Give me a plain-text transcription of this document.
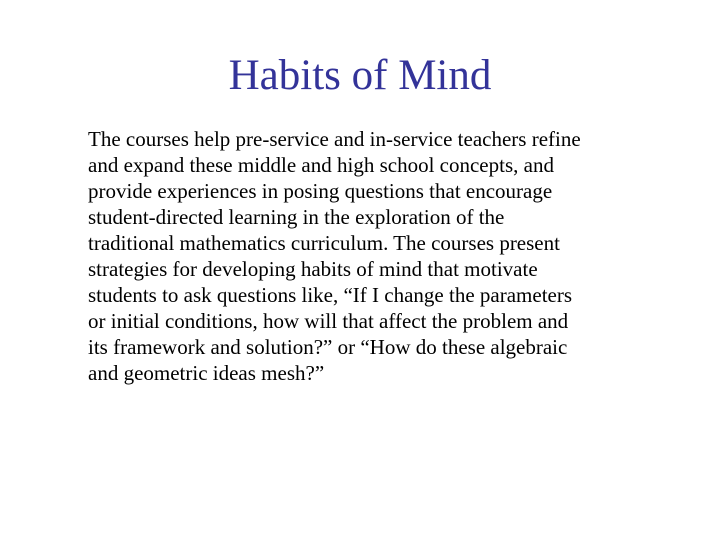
Habits of Mind

The courses help pre-service and in-service teachers refine
and expand these middle and high school concepts, and
provide experiences in posing questions that encourage
student-directed learning in the exploration of the
traditional mathematics curriculum. The courses present
strategies for developing habits of mind that motivate
students to ask questions like, “If I change the parameters
or initial conditions, how will that affect the problem and
its framework and solution?” or “How do these algebraic
and geometric ideas mesh?”
